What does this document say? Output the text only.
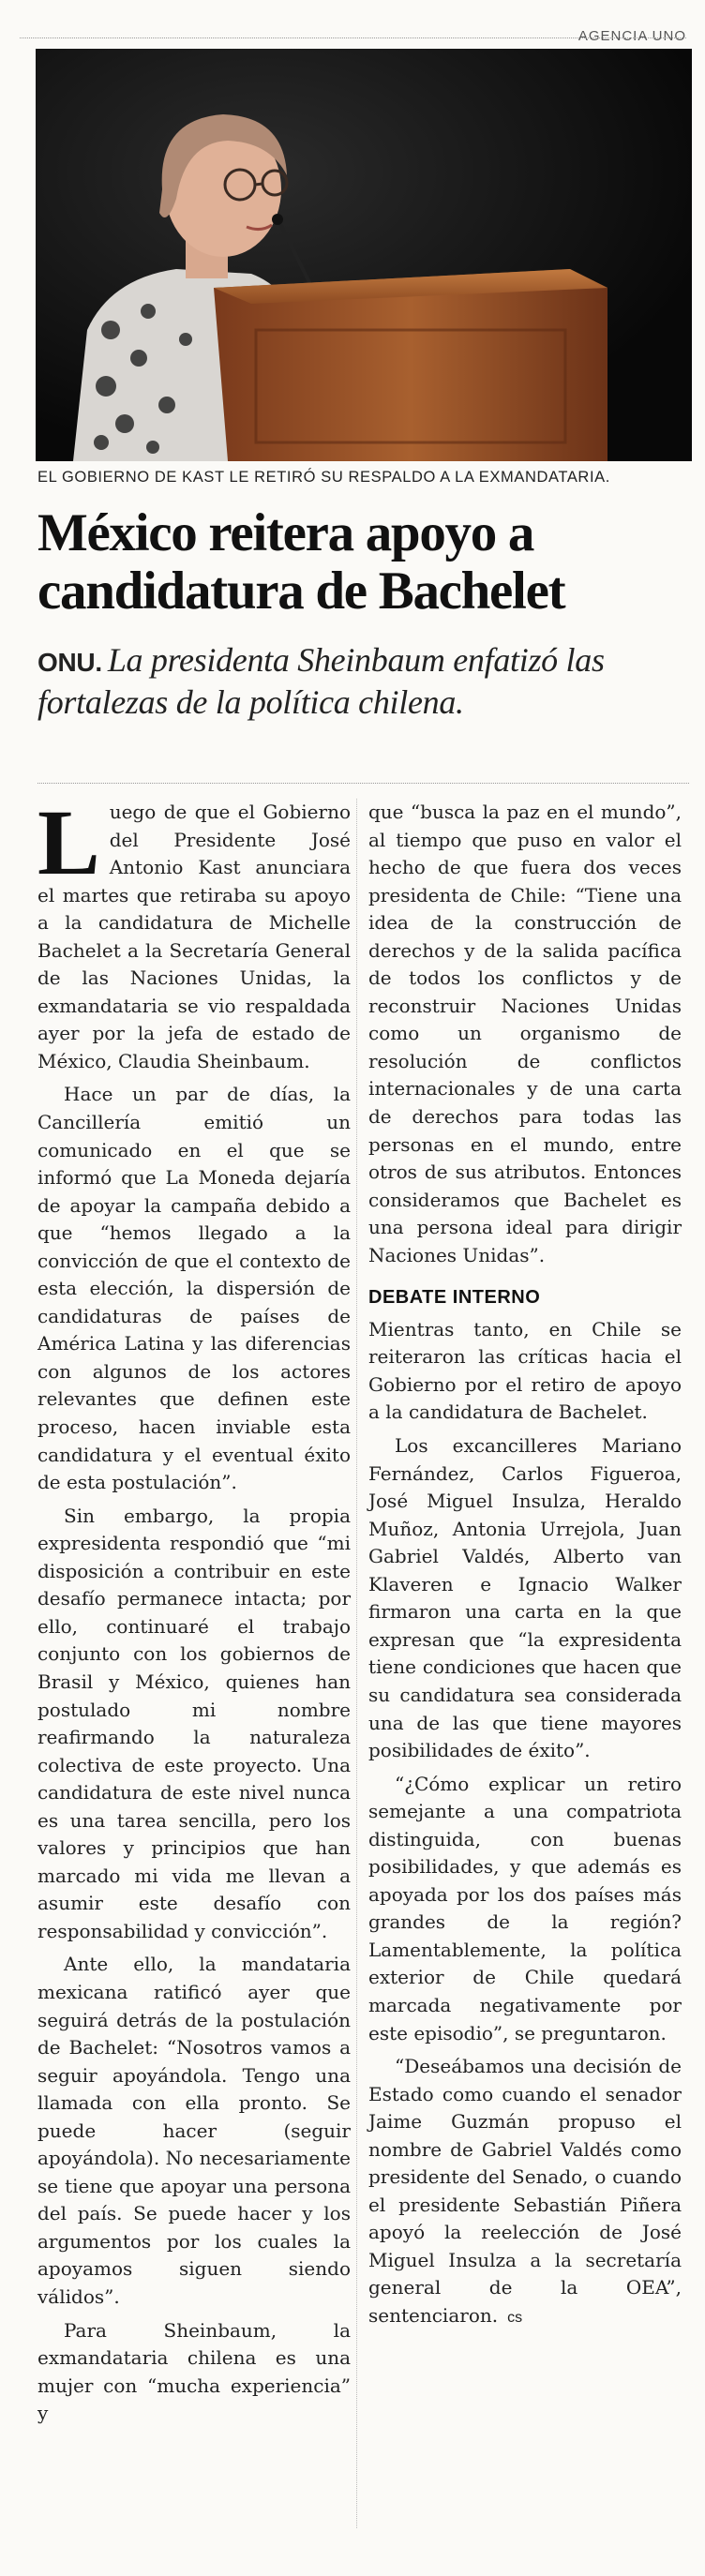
AGENCIA UNO
EL GOBIERNO DE KAST LE RETIRÓ SU RESPALDO A LA EXMANDATARIA.
México reitera apoyo a candidatura de Bachelet
ONU. La presidenta Sheinbaum enfatizó las fortalezas de la política chilena.

Luego de que el Gobierno del Presidente José Antonio Kast anunciara el martes que retiraba su apoyo a la candidatura de Michelle Bachelet a la Secretaría General de las Naciones Unidas, la exmandataria se vio respaldada ayer por la jefa de estado de México, Claudia Sheinbaum.

Hace un par de días, la Cancillería emitió un comunicado en el que se informó que La Moneda dejaría de apoyar la campaña debido a que “hemos llegado a la convicción de que el contexto de esta elección, la dispersión de candidaturas de países de América Latina y las diferencias con algunos de los actores relevantes que definen este proceso, hacen inviable esta candidatura y el eventual éxito de esta postulación”.

Sin embargo, la propia expresidenta respondió que “mi disposición a contribuir en este desafío permanece intacta; por ello, continuaré el trabajo conjunto con los gobiernos de Brasil y México, quienes han postulado mi nombre reafirmando la naturaleza colectiva de este proyecto. Una candidatura de este nivel nunca es una tarea sencilla, pero los valores y principios que han marcado mi vida me llevan a asumir este desafío con responsabilidad y convicción”.

Ante ello, la mandataria mexicana ratificó ayer que seguirá detrás de la postulación de Bachelet: “Nosotros vamos a seguir apoyándola. Tengo una llamada con ella pronto. Se puede hacer (seguir apoyándola). No necesariamente se tiene que apoyar una persona del país. Se puede hacer y los argumentos por los cuales la apoyamos siguen siendo válidos”.

Para Sheinbaum, la exmandataria chilena es una mujer con “mucha experiencia” y

que “busca la paz en el mundo”, al tiempo que puso en valor el hecho de que fuera dos veces presidenta de Chile: “Tiene una idea de la construcción de derechos y de la salida pacífica de todos los conflictos y de reconstruir Naciones Unidas como un organismo de resolución de conflictos internacionales y de una carta de derechos para todas las personas en el mundo, entre otros de sus atributos. Entonces consideramos que Bachelet es una persona ideal para dirigir Naciones Unidas”.

DEBATE INTERNO

Mientras tanto, en Chile se reiteraron las críticas hacia el Gobierno por el retiro de apoyo a la candidatura de Bachelet.

Los excancilleres Mariano Fernández, Carlos Figueroa, José Miguel Insulza, Heraldo Muñoz, Antonia Urrejola, Juan Gabriel Valdés, Alberto van Klaveren e Ignacio Walker firmaron una carta en la que expresan que “la expresidenta tiene condiciones que hacen que su candidatura sea considerada una de las que tiene mayores posibilidades de éxito”.

“¿Cómo explicar un retiro semejante a una compatriota distinguida, con buenas posibilidades, y que además es apoyada por los dos países más grandes de la región? Lamentablemente, la política exterior de Chile quedará marcada negativamente por este episodio”, se preguntaron.

“Deseábamos una decisión de Estado como cuando el senador Jaime Guzmán propuso el nombre de Gabriel Valdés como presidente del Senado, o cuando el presidente Sebastián Piñera apoyó la reelección de José Miguel Insulza a la secretaría general de la OEA”, sentenciaron. cs
